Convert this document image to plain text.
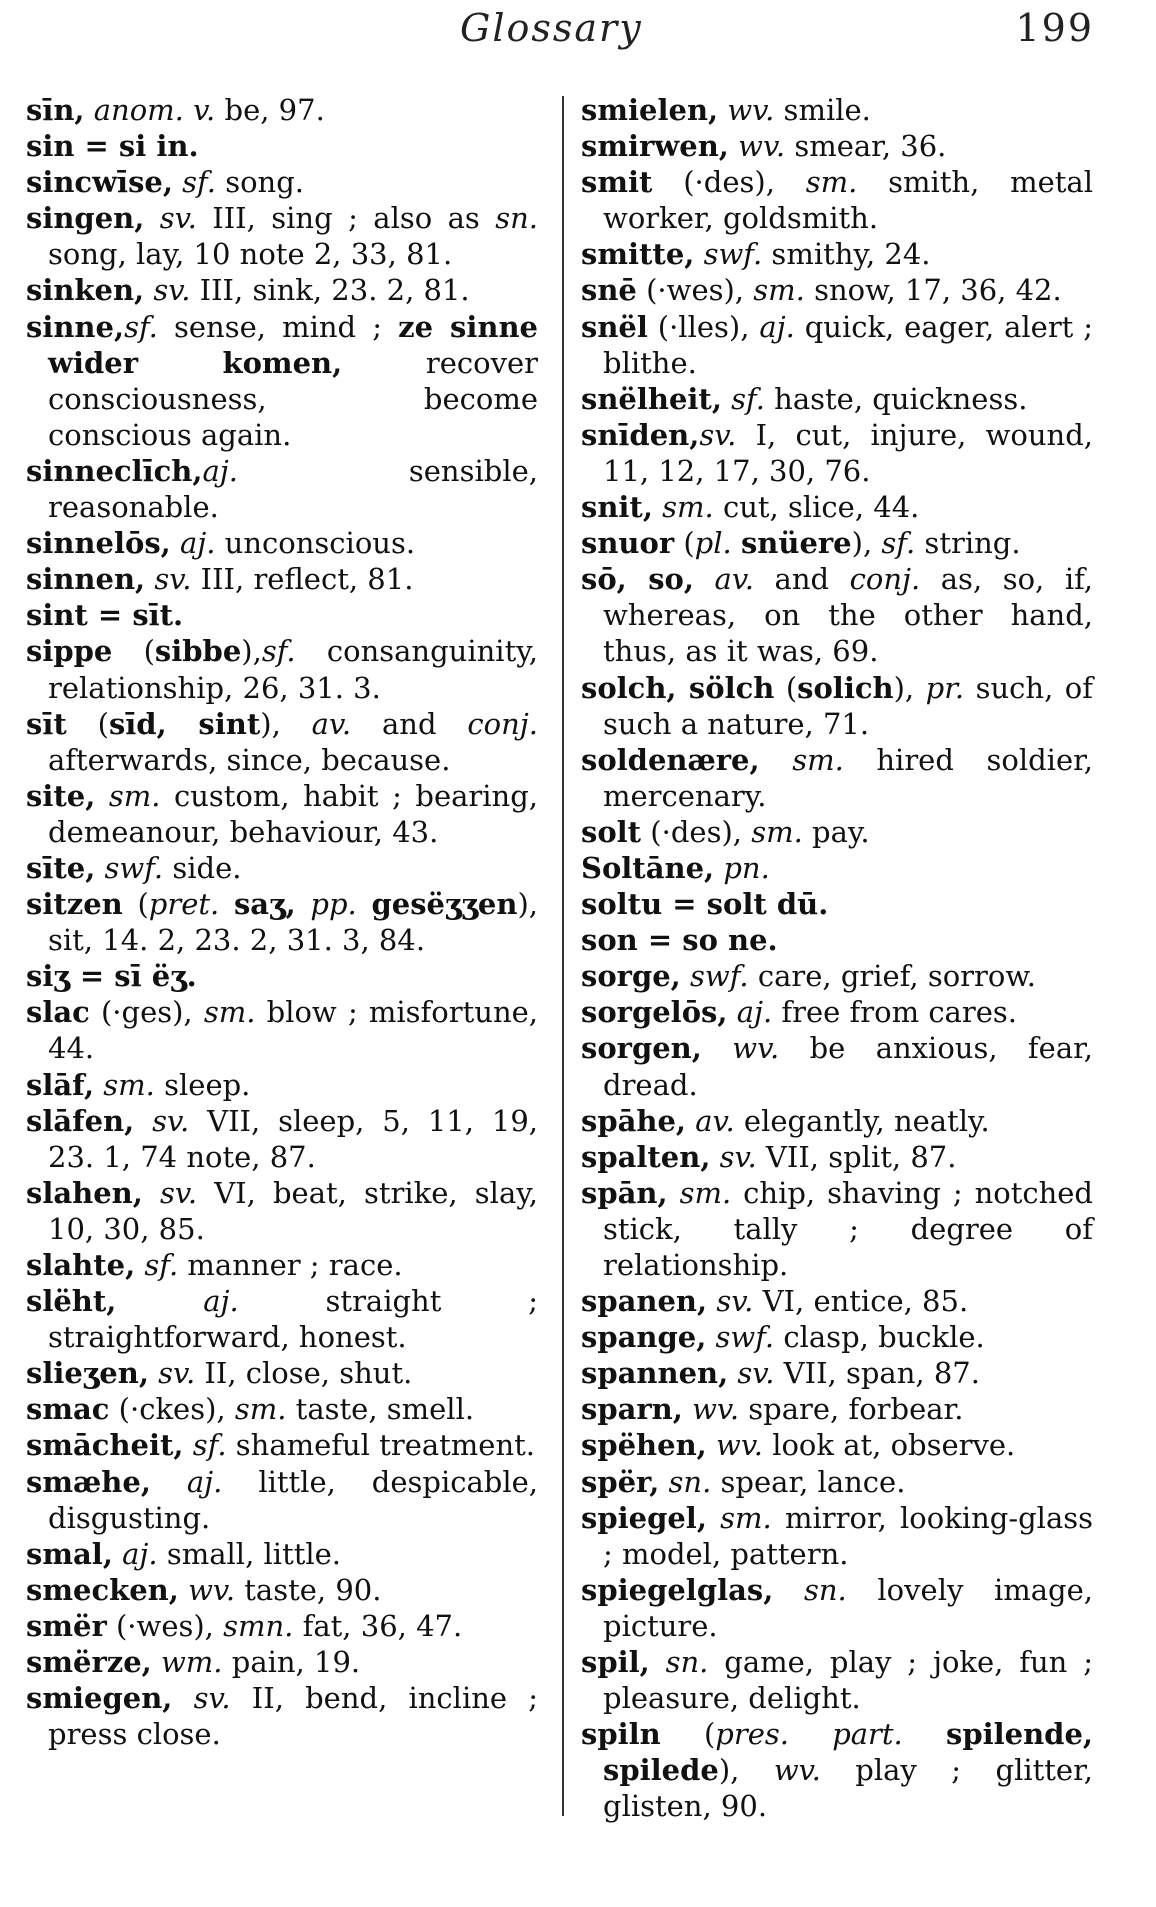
Glossary	199

sīn, anom. v. be, 97.

sin = si in.

sincwīse, sf. song.

singen, sv. III, sing ; also as sn. song, lay, 10 note 2, 33, 81.

sinken, sv. III, sink, 23. 2, 81.

sinne,sf. sense, mind ; ze sinne wider komen, recover consciousness, become conscious again.

sinneclīch,aj. sensible, reasonable.

sinnelōs, aj. unconscious.

sinnen, sv. III, reflect, 81.

sint = sīt.

sippe (sibbe),sf. consanguinity, relationship, 26, 31. 3.

sīt (sīd, sint), av. and conj. afterwards, since, because.

site, sm. custom, habit ; bearing, demeanour, behaviour, 43.

sīte, swf. side.

sitzen (pret. saʒ, pp. gesëʒʒen), sit, 14. 2, 23. 2, 31. 3, 84.

siʒ = sī ëʒ.

slac (·ges), sm. blow ; misfortune, 44.

slāf, sm. sleep.

slāfen, sv. VII, sleep, 5, 11, 19, 23. 1, 74 note, 87.

slahen, sv. VI, beat, strike, slay, 10, 30, 85.

slahte, sf. manner ; race.

slëht,	aj. straight ; straightforward, honest.

slieʒen, sv. II, close, shut.

smac (·ckes), sm. taste, smell.

smācheit, sf. shameful treatment.

smæhe, aj. little, despicable, disgusting.

smal, aj. small, little.

smecken, wv. taste, 90.

smër (·wes), smn. fat, 36, 47.

smërze, wm. pain, 19.

smiegen, sv. II, bend, incline ; press close.

smielen, wv. smile.

smirwen, wv. smear, 36.

smit (·des), sm. smith, metal worker, goldsmith.

smitte, swf. smithy, 24.

snē (·wes), sm. snow, 17, 36, 42.

snël (·lles), aj. quick, eager, alert ; blithe.

snëlheit, sf. haste, quickness.

snīden,sv. I, cut, injure, wound, 11, 12, 17, 30, 76.

snit, sm. cut, slice, 44.

snuor (pl. snüere), sf. string.

sō, so, av. and conj. as, so, if, whereas, on the other hand, thus, as it was, 69.

solch, sölch (solich), pr. such, of such a nature, 71.

soldenære, sm. hired soldier, mercenary.

solt (·des), sm. pay.

Soltāne, pn.

soltu = solt dū.

son = so ne.

sorge, swf. care, grief, sorrow.

sorgelōs, aj. free from cares.

sorgen, wv. be anxious, fear, dread.

spāhe, av. elegantly, neatly.

spalten, sv. VII, split, 87.

spān, sm. chip, shaving ; notched stick, tally ; degree of relationship.

spanen, sv. VI, entice, 85.

spange, swf. clasp, buckle.

spannen, sv. VII, span, 87.

sparn, wv. spare, forbear.

spëhen, wv. look at, observe.

spër, sn. spear, lance.

spiegel, sm. mirror, looking-glass ; model, pattern.

spiegelglas, sn. lovely image, picture.

spil, sn. game, play ; joke, fun ; pleasure, delight.

spiln (pres. part. spilende, spilede), wv. play ; glitter, glisten, 90.
